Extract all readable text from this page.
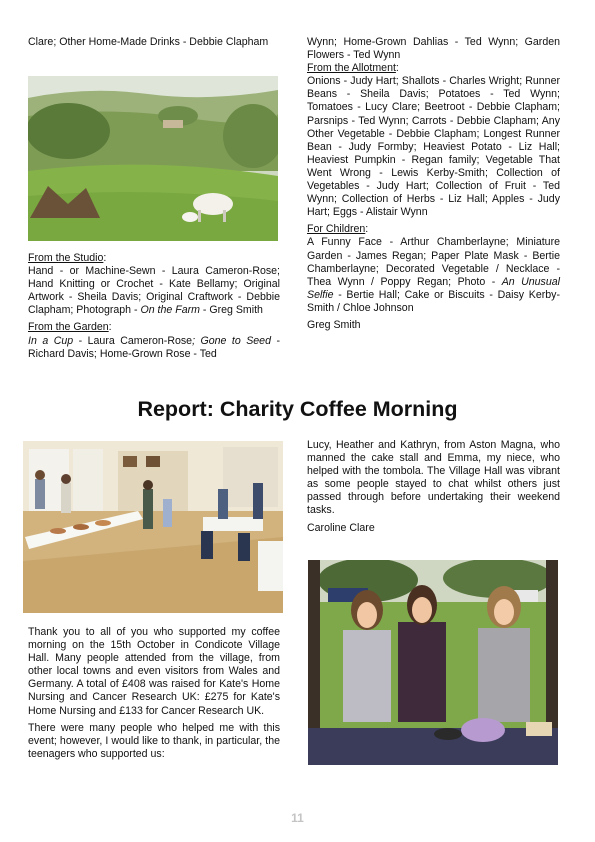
Clare; Other Home-Made Drinks - Debbie Clapham

From the Studio:

Hand - or Machine-Sewn - Laura Cameron-Rose; Hand Knitting or Crochet - Kate Bellamy; Original Artwork - Sheila Davis; Original Craftwork - Debbie Clapham; Photograph - On the Farm - Greg Smith

From the Garden:

In a Cup - Laura Cameron-Rose; Gone to Seed - Richard Davis; Home-Grown Rose - Ted

Wynn; Home-Grown Dahlias - Ted Wynn; Garden Flowers - Ted Wynn

From the Allotment:

Onions - Judy Hart; Shallots - Charles Wright; Runner Beans - Sheila Davis; Potatoes - Ted Wynn; Tomatoes - Lucy Clare; Beetroot - Debbie Clapham; Parsnips - Ted Wynn; Carrots - Debbie Clapham; Any Other Vegetable - Debbie Clapham; Longest Runner Bean - Judy Formby; Heaviest Potato - Liz Hall; Heaviest Pumpkin - Regan family; Vegetable That Went Wrong - Lewis Kerby-Smith; Collection of Vegetables - Judy Hart; Collection of Fruit - Ted Wynn; Collection of Herbs - Liz Hall; Apples - Judy Hart; Eggs - Alistair Wynn

For Children:

A Funny Face - Arthur Chamberlayne; Miniature Garden - James Regan; Paper Plate Mask - Bertie Chamberlayne; Decorated Vegetable / Necklace - Thea Wynn / Poppy Regan; Photo - An Unusual Selfie - Bertie Hall; Cake or Biscuits - Daisy Kerby-Smith / Chloe Johnson

Greg Smith

Report: Charity Coffee Morning

Thank you to all of you who supported my coffee morning on the 15th October in Condicote Village Hall. Many people attended from the village, from other local towns and even visitors from Wales and Germany. A total of £408 was raised for Kate's Home Nursing and Cancer Research UK: £275 for Kate's Home Nursing and £133 for Cancer Research UK.

There were many people who helped me with this event; however, I would like to thank, in particular, the teenagers who supported us:

Lucy, Heather and Kathryn, from Aston Magna, who manned the cake stall and Emma, my niece, who helped with the tombola. The Village Hall was vibrant as some people stayed to chat whilst others just passed through before undertaking their weekend tasks.

Caroline Clare

11
